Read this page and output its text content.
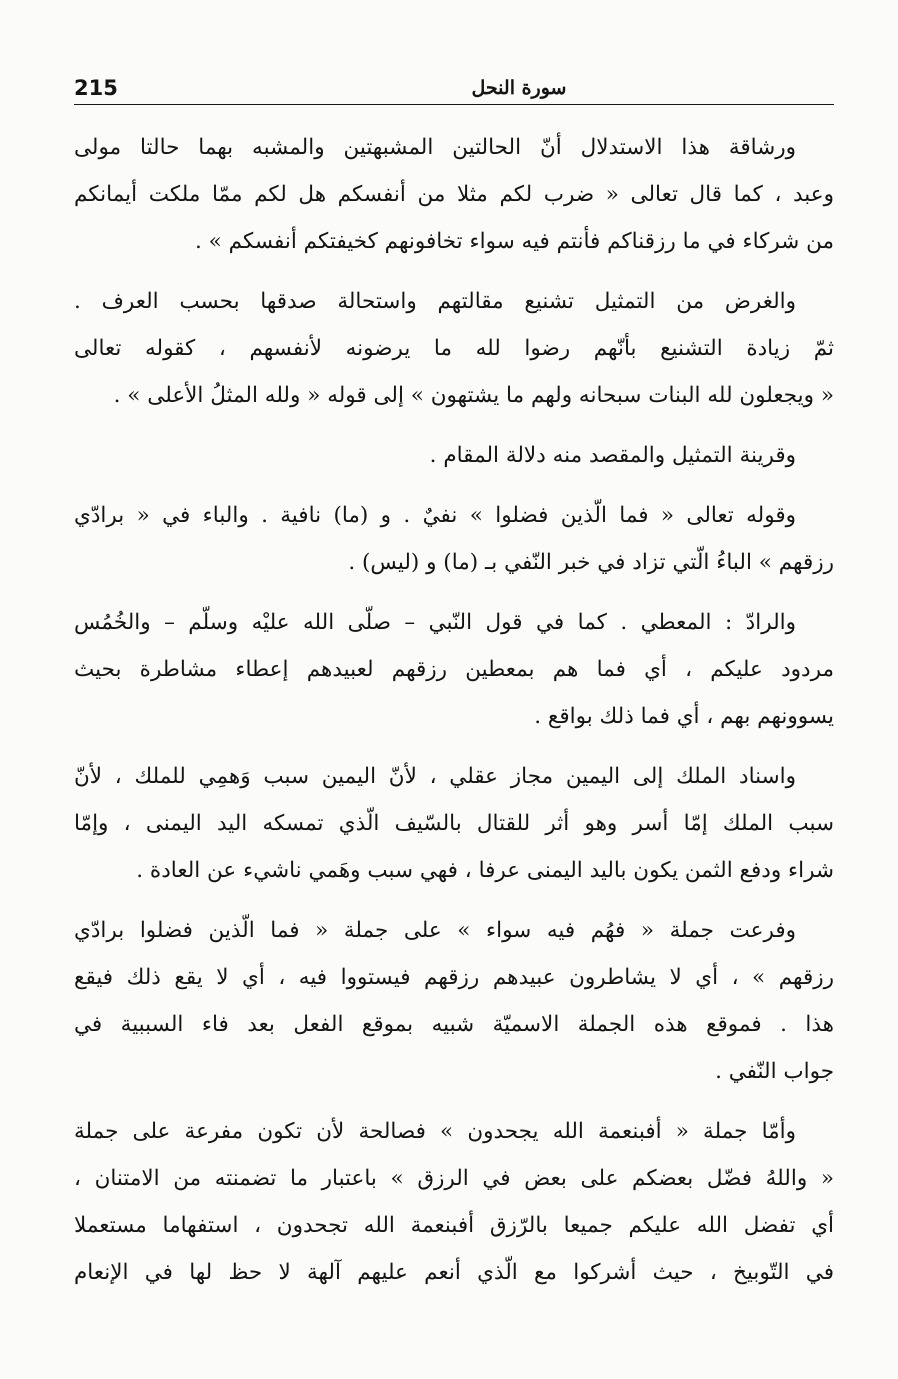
215	سورة النحل

ورشاقة هذا الاستدلال أنّ الحالتين المشبهتين والمشبه بهما حالتا مولى
وعبد ، كما قال تعالى « ضرب لكم مثلا من أنفسكم هل لكم ممّا ملكت أيمانكم
من شركاء في ما رزقناكم فأنتم فيه سواء تخافونهم كخيفتكم أنفسكم » .

والغرض من التمثيل تشنيع مقالتهم واستحالة صدقها بحسب العرف .
ثمّ زيادة التشنيع بأنّهم رضوا لله ما يرضونه لأنفسهم ، كقوله تعالى
« ويجعلون لله البنات سبحانه ولهم ما يشتهون » إلى قوله « ولله المثلُ الأعلى » .

وقرينة التمثيل والمقصد منه دلالة المقام .

وقوله تعالى « فما الّذين فضلوا » نفيٌ . و (ما) نافية . والباء في « برادّي
رزقهم » الباءُ الّتي تزاد في خبر النّفي بـ (ما) و (ليس) .

والرادّ : المعطي . كما في قول النّبي – صلّى الله عليْه وسلّم – والخُمُس
مردود عليكم ، أي فما هم بمعطين رزقهم لعبيدهم إعطاء مشاطرة بحيث
يسوونهم بهم ، أي فما ذلك بواقع .

واسناد الملك إلى اليمين مجاز عقلي ، لأنّ اليمين سبب وَهمِي للملك ، لأنّ
سبب الملك إمّا أسر وهو أثر للقتال بالسّيف الّذي تمسكه اليد اليمنى ، وإمّا
شراء ودفع الثمن يكون باليد اليمنى عرفا ، فهي سبب وهَمي ناشيء عن العادة .

وفرعت جملة « فهُم فيه سواء » على جملة « فما الّذين فضلوا برادّي
رزقهم » ، أي لا يشاطرون عبيدهم رزقهم فيستووا فيه ، أي لا يقع ذلك فيقع
هذا . فموقع هذه الجملة الاسميّة شبيه بموقع الفعل بعد فاء السببية في
جواب النّفي .

وأمّا جملة « أفبنعمة الله يجحدون » فصالحة لأن تكون مفرعة على جملة
« واللهُ فضّل بعضكم على بعض في الرزق » باعتبار ما تضمنته من الامتنان ،
أي تفضل الله عليكم جميعا بالرّزق أفبنعمة الله تجحدون ، استفهاما مستعملا
في التّوبيخ ، حيث أشركوا مع الّذي أنعم عليهم آلهة لا حظ لها في الإنعام
